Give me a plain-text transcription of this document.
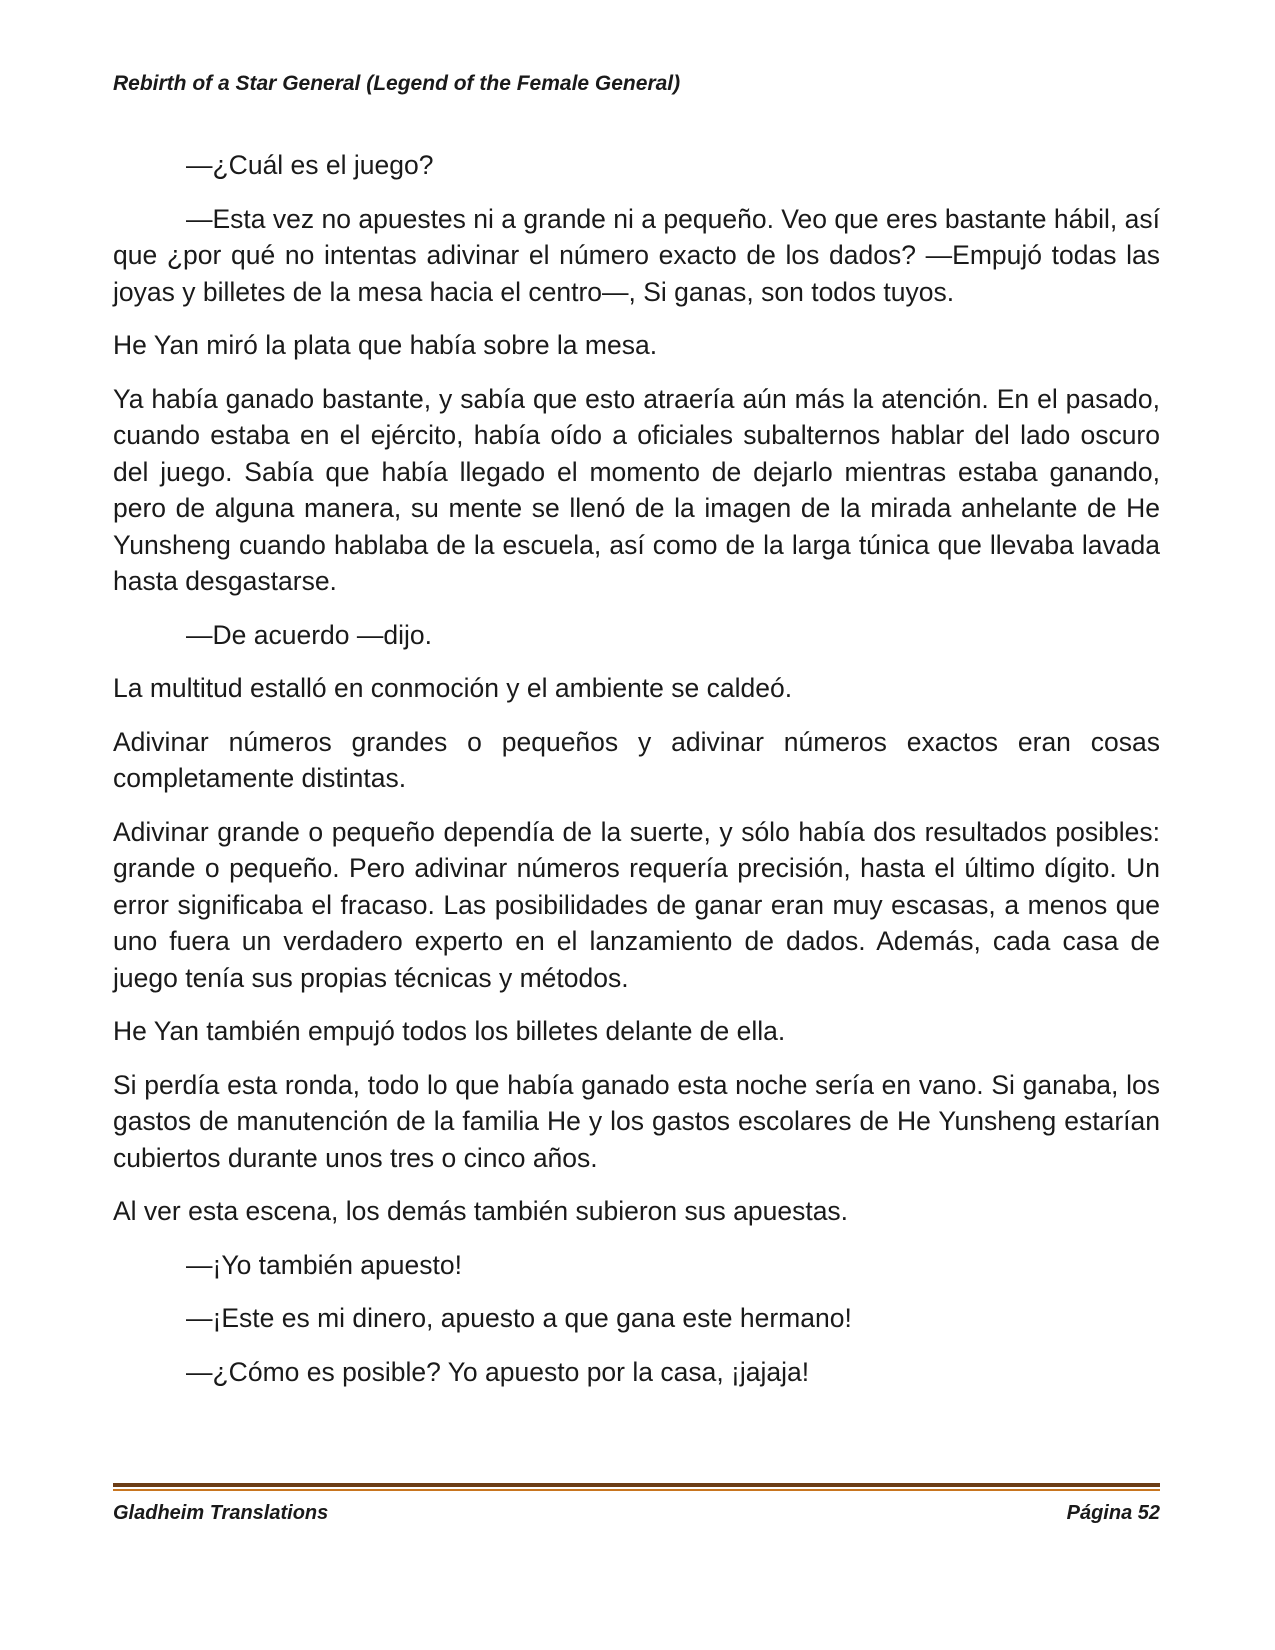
Rebirth of a Star General (Legend of the Female General)

—¿Cuál es el juego?

—Esta vez no apuestes ni a grande ni a pequeño. Veo que eres bastante hábil, así que ¿por qué no intentas adivinar el número exacto de los dados? —Empujó todas las joyas y billetes de la mesa hacia el centro—, Si ganas, son todos tuyos.

He Yan miró la plata que había sobre la mesa.

Ya había ganado bastante, y sabía que esto atraería aún más la atención. En el pasado, cuando estaba en el ejército, había oído a oficiales subalternos hablar del lado oscuro del juego. Sabía que había llegado el momento de dejarlo mientras estaba ganando, pero de alguna manera, su mente se llenó de la imagen de la mirada anhelante de He Yunsheng cuando hablaba de la escuela, así como de la larga túnica que llevaba lavada hasta desgastarse.

—De acuerdo —dijo.

La multitud estalló en conmoción y el ambiente se caldeó.

Adivinar números grandes o pequeños y adivinar números exactos eran cosas completamente distintas.

Adivinar grande o pequeño dependía de la suerte, y sólo había dos resultados posibles: grande o pequeño. Pero adivinar números requería precisión, hasta el último dígito. Un error significaba el fracaso. Las posibilidades de ganar eran muy escasas, a menos que uno fuera un verdadero experto en el lanzamiento de dados. Además, cada casa de juego tenía sus propias técnicas y métodos.

He Yan también empujó todos los billetes delante de ella.

Si perdía esta ronda, todo lo que había ganado esta noche sería en vano. Si ganaba, los gastos de manutención de la familia He y los gastos escolares de He Yunsheng estarían cubiertos durante unos tres o cinco años.

Al ver esta escena, los demás también subieron sus apuestas.

—¡Yo también apuesto!

—¡Este es mi dinero, apuesto a que gana este hermano!

—¿Cómo es posible? Yo apuesto por la casa, ¡jajaja!

Gladheim Translations	Página 52
